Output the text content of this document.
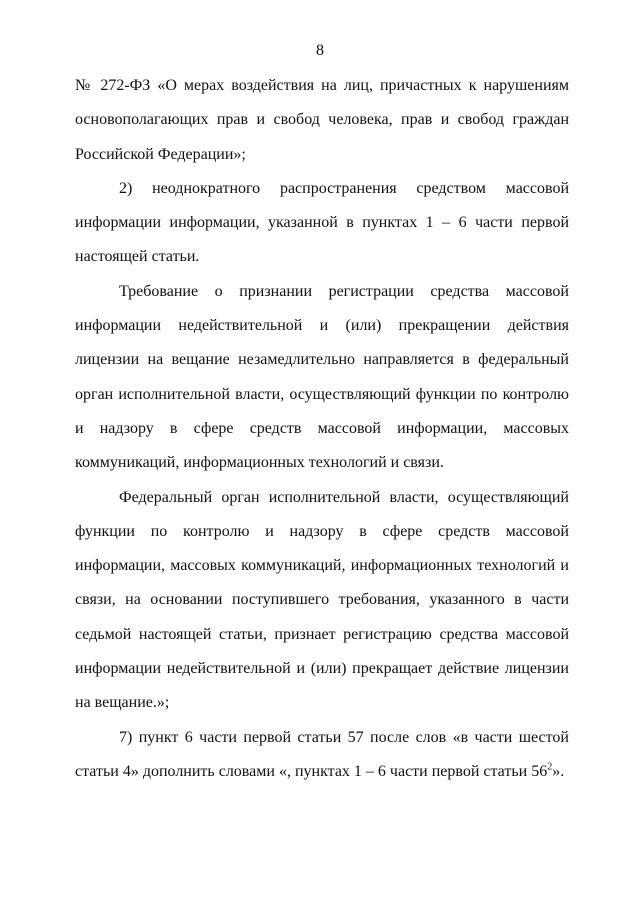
8

№ 272-ФЗ «О мерах воздействия на лиц, причастных к нарушениям основополагающих прав и свобод человека, прав и свобод граждан Российской Федерации»;

2) неоднократного распространения средством массовой информации информации, указанной в пунктах 1 – 6 части первой настоящей статьи.

Требование о признании регистрации средства массовой информации недействительной и (или) прекращении действия лицензии на вещание незамедлительно направляется в федеральный орган исполнительной власти, осуществляющий функции по контролю и надзору в сфере средств массовой информации, массовых коммуникаций, информационных технологий и связи.

Федеральный орган исполнительной власти, осуществляющий функции по контролю и надзору в сфере средств массовой информации, массовых коммуникаций, информационных технологий и связи, на основании поступившего требования, указанного в части седьмой настоящей статьи, признает регистрацию средства массовой информации недействительной и (или) прекращает действие лицензии на вещание.»;

7) пункт 6 части первой статьи 57 после слов «в части шестой статьи 4» дополнить словами «, пунктах 1 – 6 части первой статьи $56^2$».
